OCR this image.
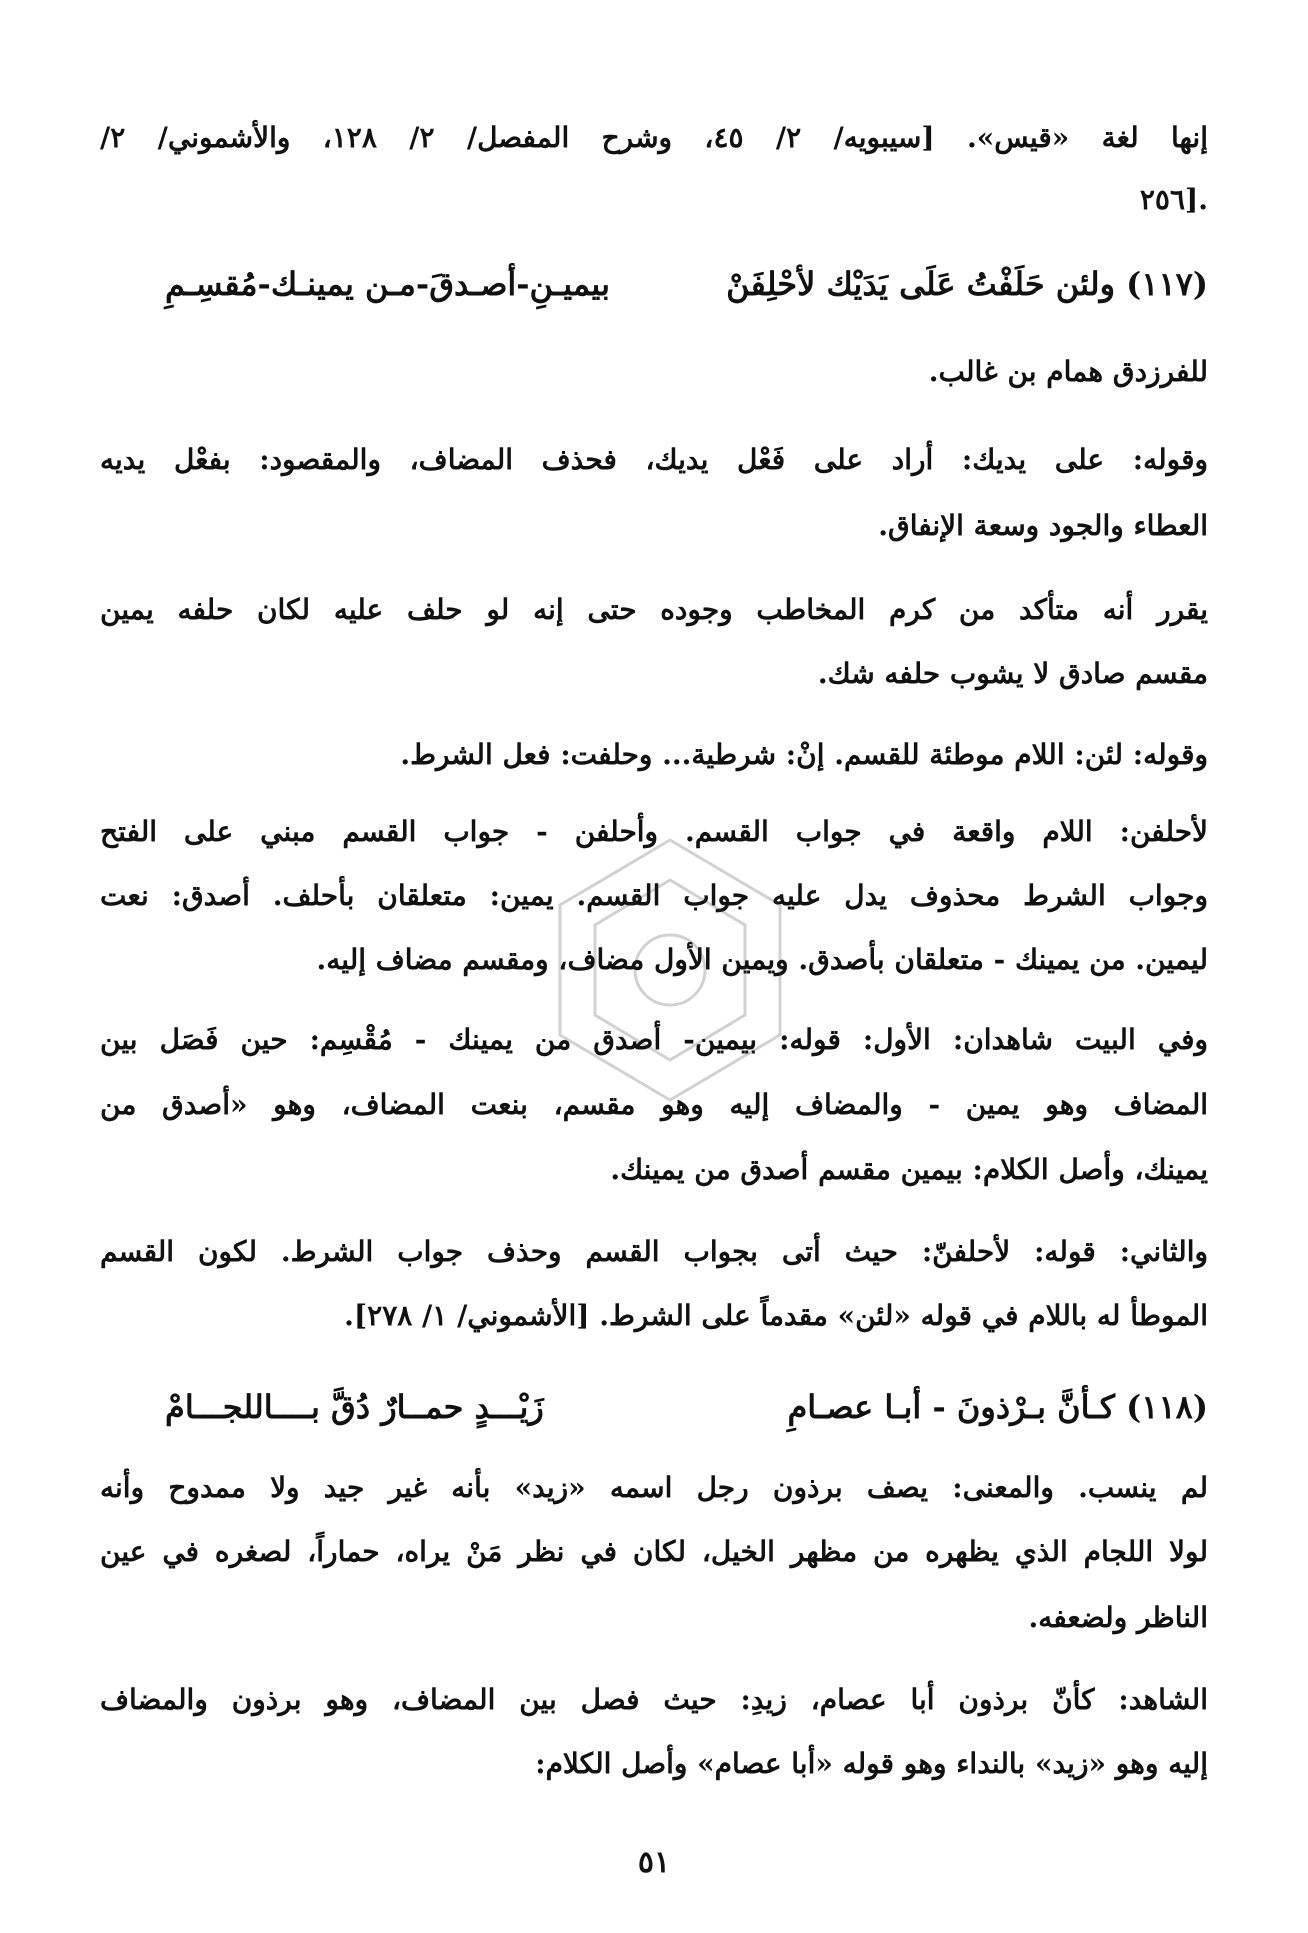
إنها لغة «قيس». [سيبويه/ ٢/ ٤٥، وشرح المفصل/ ٢/ ١٢٨، والأشموني/ ٢/
.[٢٥٦
للفرزدق همام بن غالب.
وقوله: على يديك: أراد على فَعْل يديك، فحذف المضاف، والمقصود: بفعْل يديه
العطاء والجود وسعة الإنفاق.
يقرر أنه متأكد من كرم المخاطب وجوده حتى إنه لو حلف عليه لكان حلفه يمين
مقسم صادق لا يشوب حلفه شك.
وقوله: لئن: اللام موطئة للقسم. إنْ: شرطية... وحلفت: فعل الشرط.
لأحلفن: اللام واقعة في جواب القسم. وأحلفن - جواب القسم مبني على الفتح
وجواب الشرط محذوف يدل عليه جواب القسم. يمين: متعلقان بأحلف. أصدق: نعت
ليمين. من يمينك - متعلقان بأصدق. ويمين الأول مضاف، ومقسم مضاف إليه.
وفي البيت شاهدان: الأول: قوله: بيمين- أصدق من يمينك - مُقْسِم: حين فَصَل بين
المضاف وهو يمين - والمضاف إليه وهو مقسم، بنعت المضاف، وهو «أصدق من
يمينك، وأصل الكلام: بيمين مقسم أصدق من يمينك.
والثاني: قوله: لأحلفنّ: حيث أتى بجواب القسم وحذف جواب الشرط. لكون القسم
الموطأ له باللام في قوله «لئن» مقدماً على الشرط. [الأشموني/ ١/ ٢٧٨].
لم ينسب. والمعنى: يصف برذون رجل اسمه «زيد» بأنه غير جيد ولا ممدوح وأنه
لولا اللجام الذي يظهره من مظهر الخيل، لكان في نظر مَنْ يراه، حماراً، لصغره في عين
الناظر ولضعفه.
الشاهد: كأنّ برذون أبا عصام، زيدِ: حيث فصل بين المضاف، وهو برذون والمضاف
إليه وهو «زيد» بالنداء وهو قوله «أبا عصام» وأصل الكلام:
(١١٧) ولئن حَلَفْتُ عَلَى يَدَيْك لأحْلِفَنْ
بيميـنِ-أصـدقَ-مـن يمينـك-مُقسِـمِ
(١١٨) كـأنَّ بـرْذونَ - أبـا عصـامِ
زَيْـــدٍ حمــارٌ دُقَّ بــــاللجـــامْ
٥١
